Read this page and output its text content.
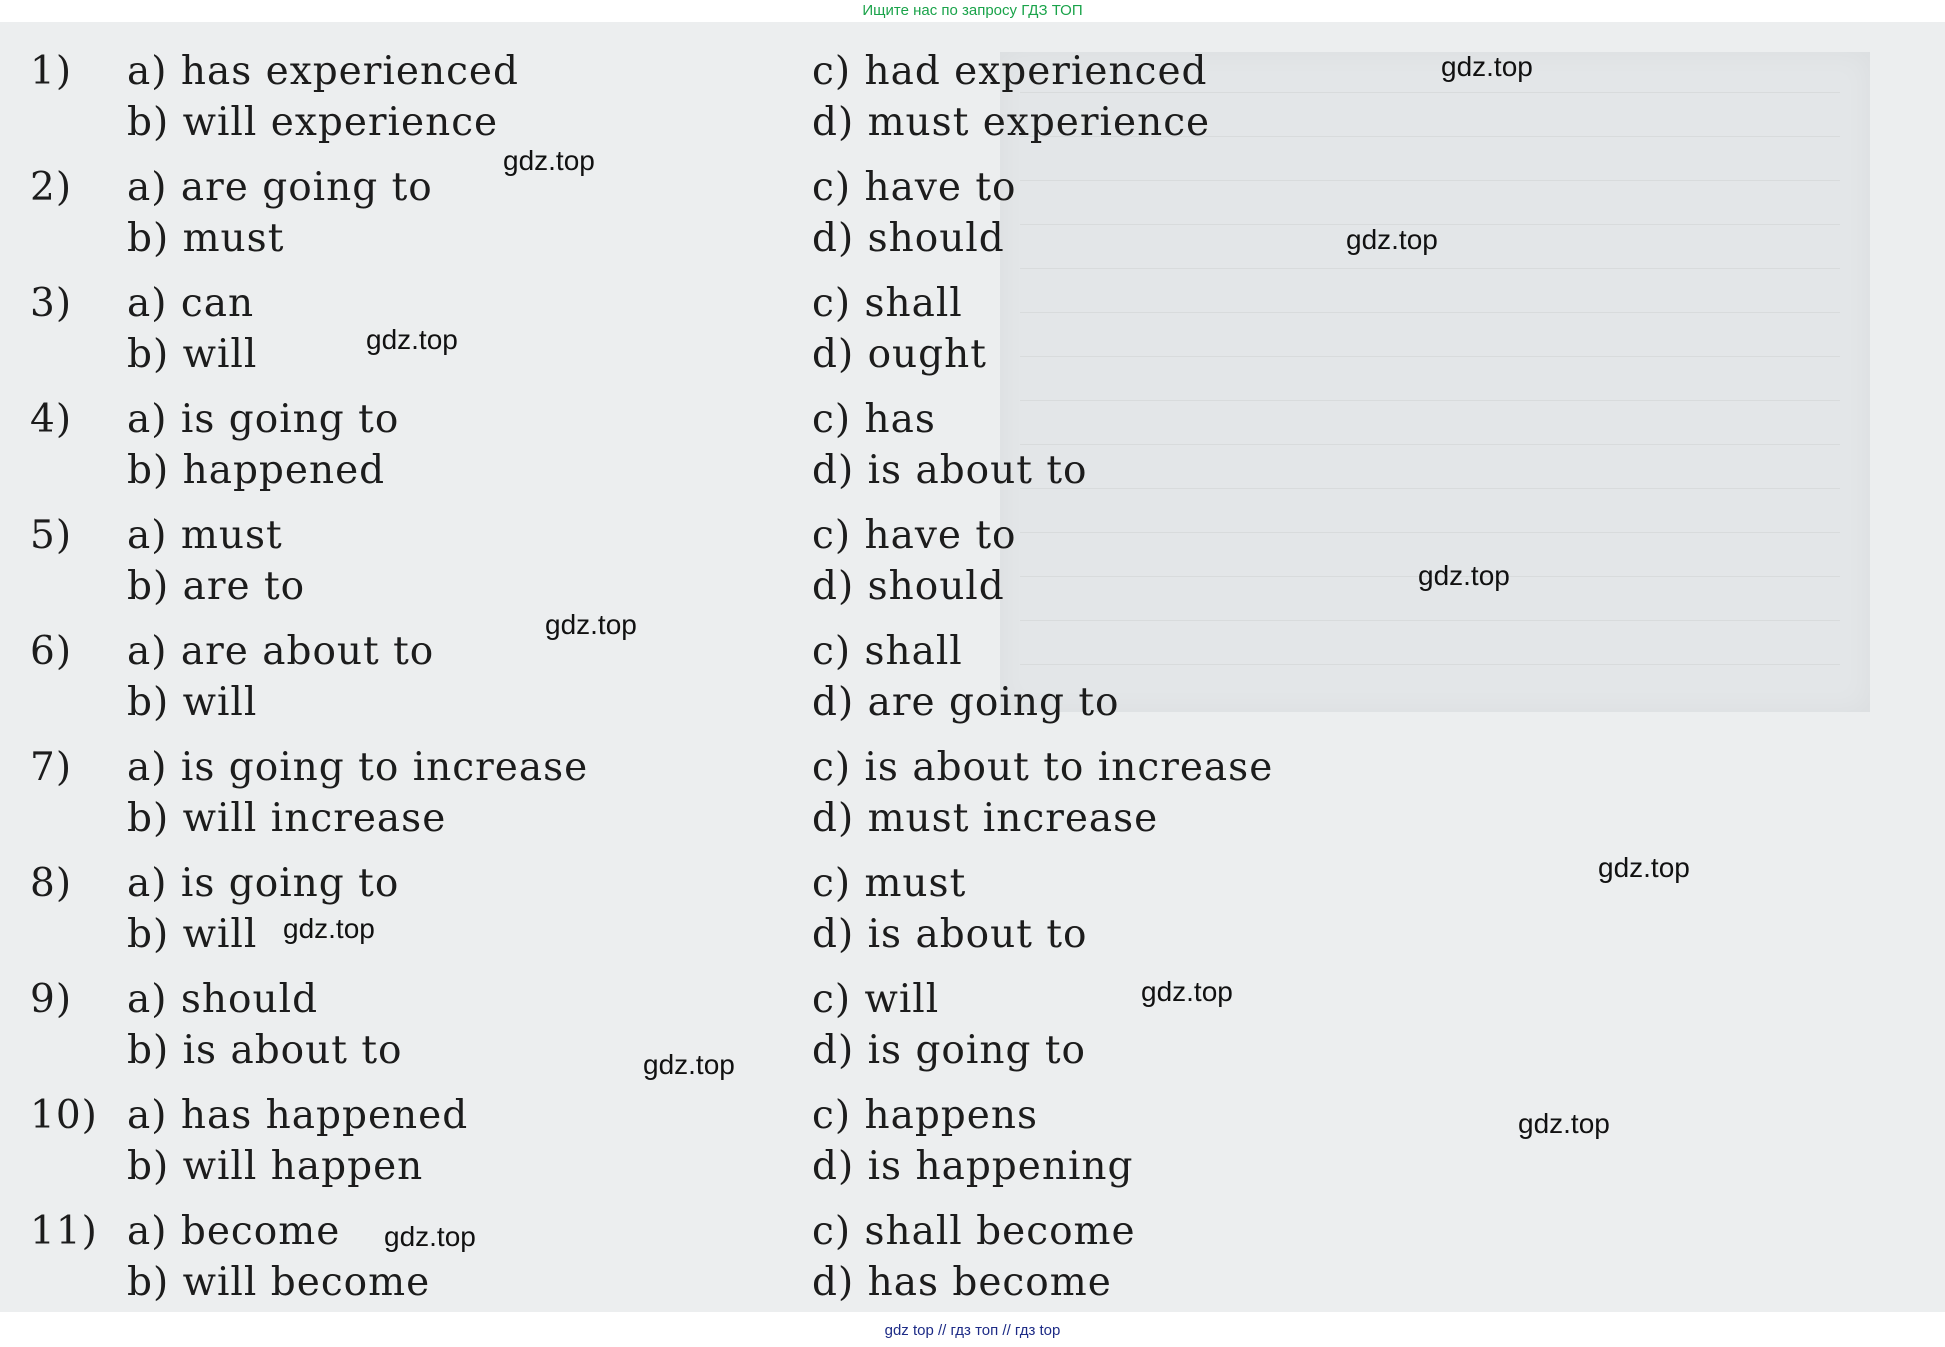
Ищите нас по запросу ГДЗ ТОП
1) a) has experienced	c) had experienced
b) will experience	d) must experience
2) a) are going to	c) have to
b) must	d) should
3) a) can	c) shall
b) will	d) ought
4) a) is going to	c) has
b) happened	d) is about to
5) a) must	c) have to
b) are to	d) should
6) a) are about to	c) shall
b) will	d) are going to
7) a) is going to increase	c) is about to increase
b) will increase	d) must increase
8) a) is going to	c) must
b) will	d) is about to
9) a) should	c) will
b) is about to	d) is going to
10) a) has happened	c) happens
b) will happen	d) is happening
11) a) become	c) shall become
b) will become	d) has become
gdz.top
gdz.top
gdz.top
gdz.top
gdz.top
gdz.top
gdz.top
gdz.top
gdz.top
gdz.top
gdz.top
gdz.top
gdz top // гдз топ // гдз top
